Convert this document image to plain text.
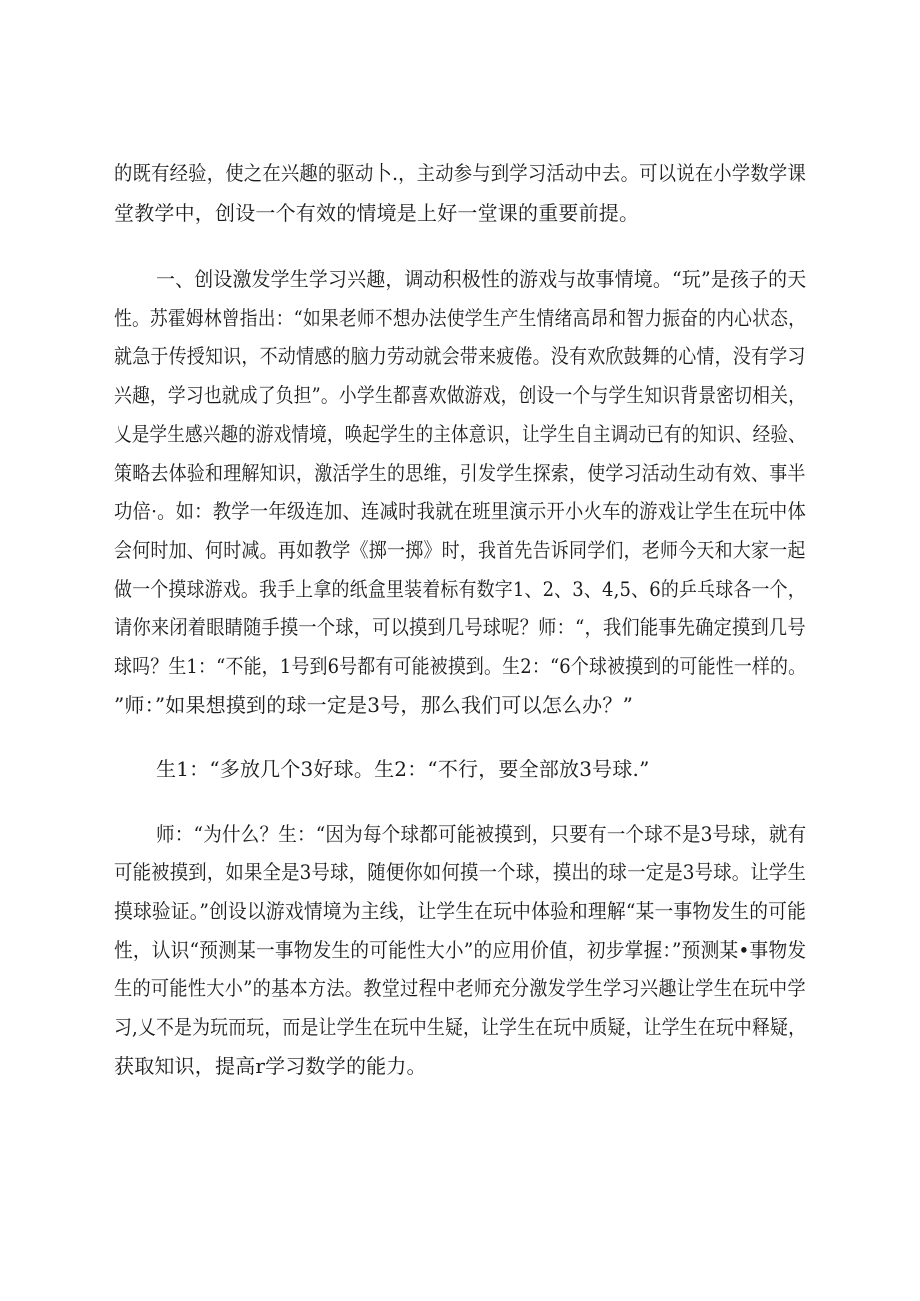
的既有经验，使之在兴趣的驱动卜.，主动参与到学习活动中去。可以说在小学数学课
堂教学中，创设一个有效的情境是上好一堂课的重要前提。
一、创设激发学生学习兴趣，调动积极性的游戏与故事情境。“玩”是孩子的天
性。苏霍姆林曾指出：“如果老师不想办法使学生产生情绪高昂和智力振奋的内心状态，
就急于传授知识，不动情感的脑力劳动就会带来疲倦。没有欢欣鼓舞的心情，没有学习
兴趣，学习也就成了负担”。小学生都喜欢做游戏，创设一个与学生知识背景密切相关，
乂是学生感兴趣的游戏情境，唤起学生的主体意识，让学生自主调动已有的知识、经验、
策略去体验和理解知识，激活学生的思维，引发学生探索，使学习活动生动有效、事半
功倍·。如：教学一年级连加、连减时我就在班里演示开小火车的游戏让学生在玩中体
会何时加、何时减。再如教学《掷一掷》时，我首先告诉同学们，老师今天和大家一起
做一个摸球游戏。我手上拿的纸盒里装着标有数字1、2、3、4,5、6的乒乓球各一个，
请你来闭着眼睛随手摸一个球，可以摸到几号球呢？师：“，我们能事先确定摸到几号
球吗？生1：“不能，1号到6号都有可能被摸到。生2：“6个球被摸到的可能性一样的。
”师：”如果想摸到的球一定是3号，那么我们可以怎么办？”
生1：“多放几个3好球。生2：“不行，要全部放3号球.”
师：“为什么？生：“因为每个球都可能被摸到，只要有一个球不是3号球，就有
可能被摸到，如果全是3号球，随便你如何摸一个球，摸出的球一定是3号球。让学生
摸球验证。”创设以游戏情境为主线，让学生在玩中体验和理解“某一事物发生的可能
性，认识“预测某一事物发生的可能性大小”的应用价值，初步掌握：”预测某•事物发
生的可能性大小”的基本方法。教堂过程中老师充分激发学生学习兴趣让学生在玩中学
习,乂不是为玩而玩，而是让学生在玩中生疑，让学生在玩中质疑，让学生在玩中释疑，
获取知识，提高r学习数学的能力。
